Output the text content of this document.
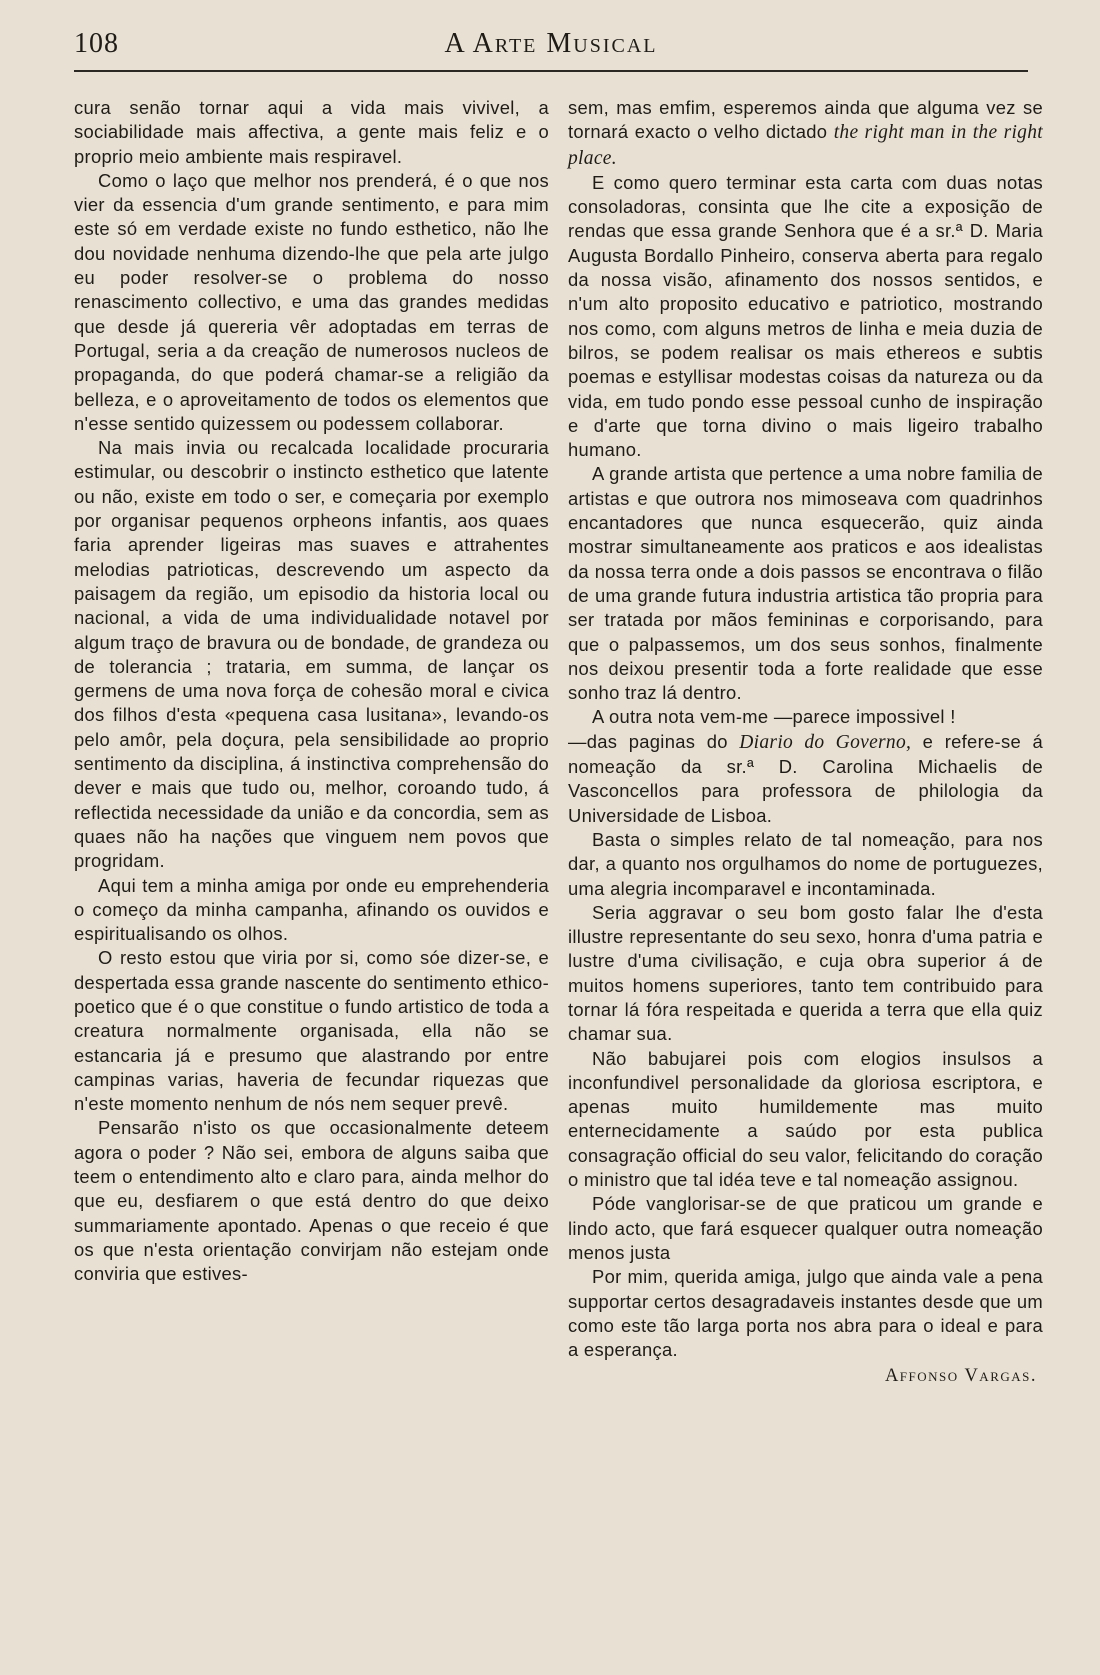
108	A Arte Musical

cura senão tornar aqui a vida mais vivivel, a sociabilidade mais affectiva, a gente mais feliz e o proprio meio ambiente mais respiravel.

Como o laço que melhor nos prenderá, é o que nos vier da essencia d'um grande sentimento, e para mim este só em verdade existe no fundo esthetico, não lhe dou novidade nenhuma dizendo-lhe que pela arte julgo eu poder resolver-se o problema do nosso renascimento collectivo, e uma das grandes medidas que desde já quereria vêr adoptadas em terras de Portugal, seria a da creação de numerosos nucleos de propaganda, do que poderá chamar-se a religião da belleza, e o aproveitamento de todos os elementos que n'esse sentido quizessem ou podessem collaborar.

Na mais invia ou recalcada localidade procuraria estimular, ou descobrir o instincto esthetico que latente ou não, existe em todo o ser, e começaria por exemplo por organisar pequenos orpheons infantis, aos quaes faria aprender ligeiras mas suaves e attrahentes melodias patrioticas, descrevendo um aspecto da paisagem da região, um episodio da historia local ou nacional, a vida de uma individualidade notavel por algum traço de bravura ou de bondade, de grandeza ou de tolerancia ; trataria, em summa, de lançar os germens de uma nova força de cohesão moral e civica dos filhos d'esta «pequena casa lusitana», levando-os pelo amôr, pela doçura, pela sensibilidade ao proprio sentimento da disciplina, á instinctiva comprehensão do dever e mais que tudo ou, melhor, coroando tudo, á reflectida necessidade da união e da concordia, sem as quaes não ha nações que vinguem nem povos que progridam.

Aqui tem a minha amiga por onde eu emprehenderia o começo da minha campanha, afinando os ouvidos e espiritualisando os olhos.

O resto estou que viria por si, como sóe dizer-se, e despertada essa grande nascente do sentimento ethico-poetico que é o que constitue o fundo artistico de toda a creatura normalmente organisada, ella não se estancaria já e presumo que alastrando por entre campinas varias, haveria de fecundar riquezas que n'este momento nenhum de nós nem sequer prevê.

Pensarão n'isto os que occasionalmente deteem agora o poder ? Não sei, embora de alguns saiba que teem o entendimento alto e claro para, ainda melhor do que eu, desfiarem o que está dentro do que deixo summariamente apontado. Apenas o que receio é que os que n'esta orientação convirjam não estejam onde conviria que estives-

sem, mas emfim, esperemos ainda que alguma vez se tornará exacto o velho dictado the right man in the right place.

E como quero terminar esta carta com duas notas consoladoras, consinta que lhe cite a exposição de rendas que essa grande Senhora que é a sr.ª D. Maria Augusta Bordallo Pinheiro, conserva aberta para regalo da nossa visão, afinamento dos nossos sentidos, e n'um alto proposito educativo e patriotico, mostrando nos como, com alguns metros de linha e meia duzia de bilros, se podem realisar os mais ethereos e subtis poemas e estyllisar modestas coisas da natureza ou da vida, em tudo pondo esse pessoal cunho de inspiração e d'arte que torna divino o mais ligeiro trabalho humano.

A grande artista que pertence a uma nobre familia de artistas e que outrora nos mimoseava com quadrinhos encantadores que nunca esquecerão, quiz ainda mostrar simultaneamente aos praticos e aos idealistas da nossa terra onde a dois passos se encontrava o filão de uma grande futura industria artistica tão propria para ser tratada por mãos femininas e corporisando, para que o palpassemos, um dos seus sonhos, finalmente nos deixou presentir toda a forte realidade que esse sonho traz lá dentro.

A outra nota vem-me —parece impossivel !

—das paginas do Diario do Governo, e refere-se á nomeação da sr.ª D. Carolina Michaelis de Vasconcellos para professora de philologia da Universidade de Lisboa.

Basta o simples relato de tal nomeação, para nos dar, a quanto nos orgulhamos do nome de portuguezes, uma alegria incomparavel e incontaminada.

Seria aggravar o seu bom gosto falar lhe d'esta illustre representante do seu sexo, honra d'uma patria e lustre d'uma civilisação, e cuja obra superior á de muitos homens superiores, tanto tem contribuido para tornar lá fóra respeitada e querida a terra que ella quiz chamar sua.

Não babujarei pois com elogios insulsos a inconfundivel personalidade da gloriosa escriptora, e apenas muito humildemente mas muito enternecidamente a saúdo por esta publica consagração official do seu valor, felicitando do coração o ministro que tal idéa teve e tal nomeação assignou.

Póde vanglorisar-se de que praticou um grande e lindo acto, que fará esquecer qualquer outra nomeação menos justa

Por mim, querida amiga, julgo que ainda vale a pena supportar certos desagradaveis instantes desde que um como este tão larga porta nos abra para o ideal e para a esperança.

Affonso Vargas.
